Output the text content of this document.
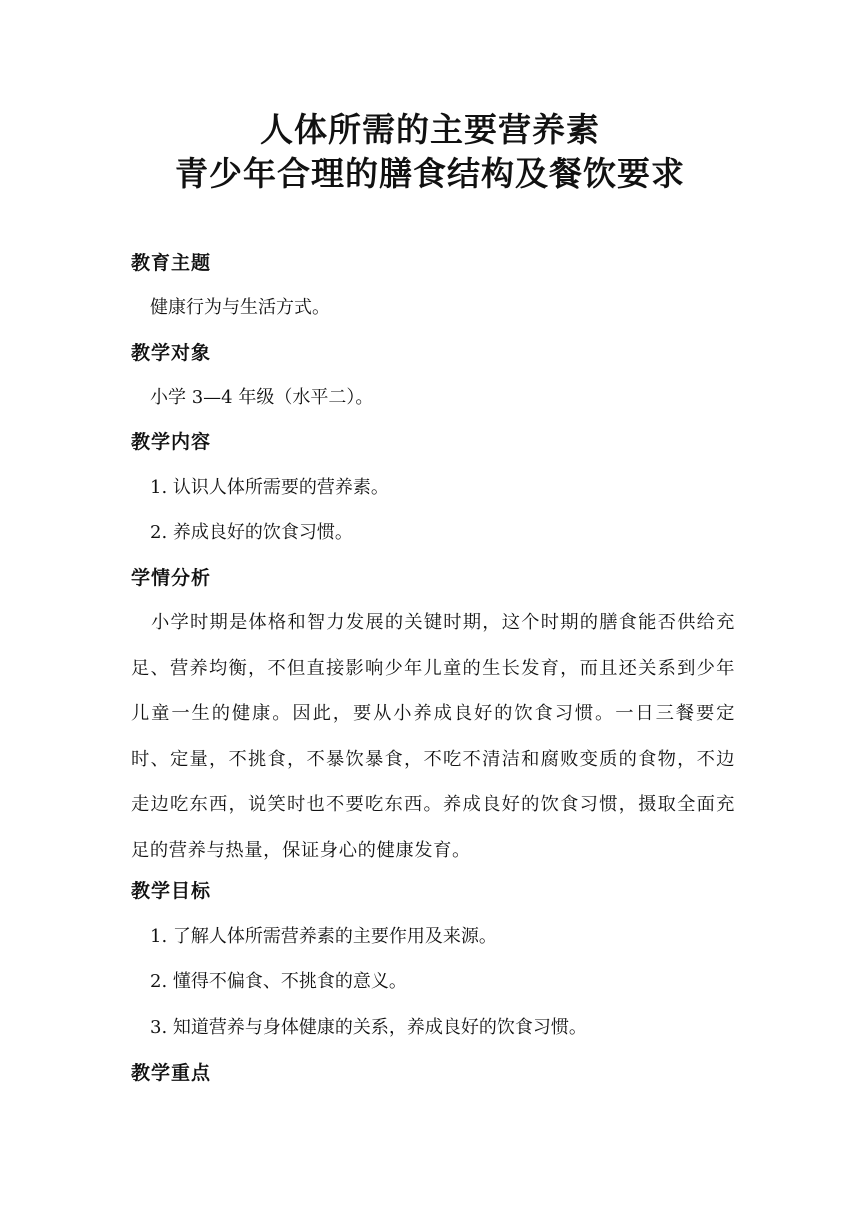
人体所需的主要营养素
青少年合理的膳食结构及餐饮要求
教育主题

健康行为与生活方式。

教学对象

小学 3—4 年级（水平二）。

教学内容

1. 认识人体所需要的营养素。

2. 养成良好的饮食习惯。

学情分析

小学时期是体格和智力发展的关键时期，这个时期的膳食能否供给充足、营养均衡，不但直接影响少年儿童的生长发育，而且还关系到少年儿童一生的健康。因此，要从小养成良好的饮食习惯。一日三餐要定时、定量，不挑食，不暴饮暴食，不吃不清洁和腐败变质的食物，不边走边吃东西，说笑时也不要吃东西。养成良好的饮食习惯，摄取全面充足的营养与热量，保证身心的健康发育。

教学目标

1. 了解人体所需营养素的主要作用及来源。

2. 懂得不偏食、不挑食的意义。

3. 知道营养与身体健康的关系，养成良好的饮食习惯。

教学重点
